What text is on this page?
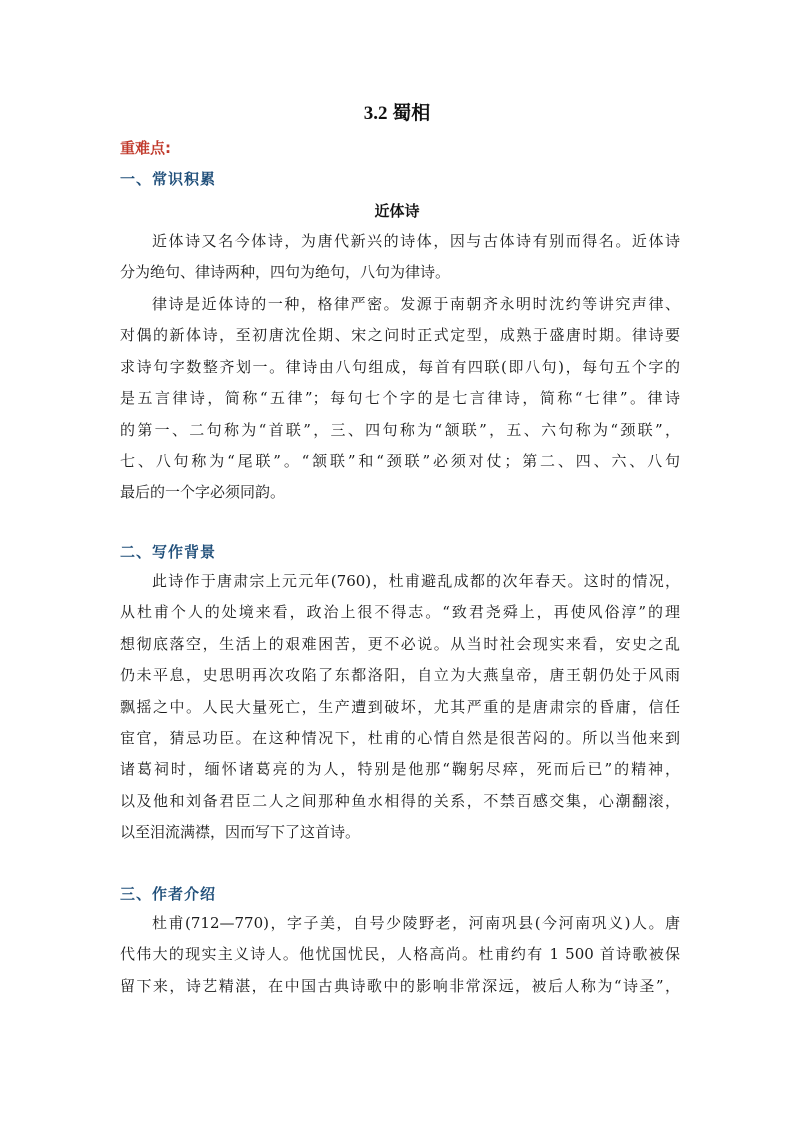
3.2 蜀相
重难点:
一、常识积累
近体诗
近体诗又名今体诗，为唐代新兴的诗体，因与古体诗有别而得名。近体诗
分为绝句、律诗两种，四句为绝句，八句为律诗。
律诗是近体诗的一种，格律严密。发源于南朝齐永明时沈约等讲究声律、
对偶的新体诗，至初唐沈佺期、宋之问时正式定型，成熟于盛唐时期。律诗要
求诗句字数整齐划一。律诗由八句组成，每首有四联(即八句)，每句五个字的
是五言律诗，简称“五律”；每句七个字的是七言律诗，简称“七律”。律诗
的第一、二句称为“首联”，三、四句称为“颔联”，五、六句称为“颈联”，
七、八句称为“尾联”。“颔联”和“颈联”必须对仗；第二、四、六、八句
最后的一个字必须同韵。
二、写作背景
此诗作于唐肃宗上元元年(760)，杜甫避乱成都的次年春天。这时的情况，
从杜甫个人的处境来看，政治上很不得志。“致君尧舜上，再使风俗淳”的理
想彻底落空，生活上的艰难困苦，更不必说。从当时社会现实来看，安史之乱
仍未平息，史思明再次攻陷了东都洛阳，自立为大燕皇帝，唐王朝仍处于风雨
飘摇之中。人民大量死亡，生产遭到破坏，尤其严重的是唐肃宗的昏庸，信任
宦官，猜忌功臣。在这种情况下，杜甫的心情自然是很苦闷的。所以当他来到
诸葛祠时，缅怀诸葛亮的为人，特别是他那“鞠躬尽瘁，死而后已”的精神，
以及他和刘备君臣二人之间那种鱼水相得的关系，不禁百感交集，心潮翻滚，
以至泪流满襟，因而写下了这首诗。
三、作者介绍
杜甫(712—770)，字子美，自号少陵野老，河南巩县(今河南巩义)人。唐
代伟大的现实主义诗人。他忧国忧民，人格高尚。杜甫约有 1 500 首诗歌被保
留下来，诗艺精湛，在中国古典诗歌中的影响非常深远，被后人称为“诗圣”，
